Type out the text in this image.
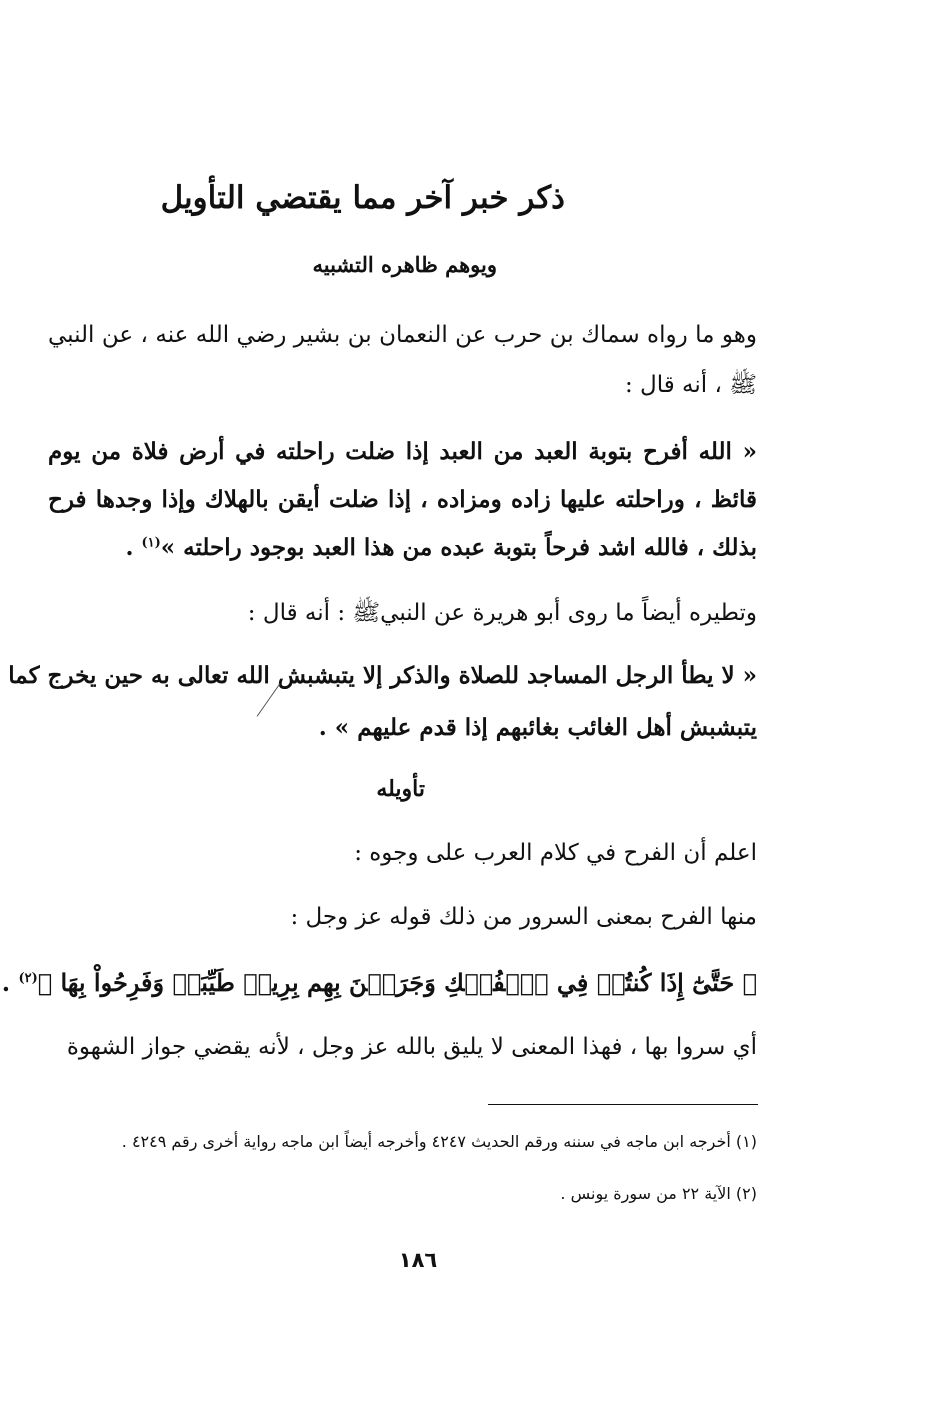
ذكر خبر آخر مما يقتضي التأويل
ويوهم ظاهره التشبيه

وهو ما رواه سماك بن حرب عن النعمان بن بشير رضي الله عنه ، عن النبي

ﷺ ، أنه قال :

« الله أفرح بتوبة العبد من العبد إذا ضلت راحلته في أرض فلاة من يوم

قائظ ، وراحلته عليها زاده ومزاده ، إذا ضلت أيقن بالهلاك وإذا وجدها فرح

بذلك ، فالله اشد فرحاً بتوبة عبده من هذا العبد بوجود راحلته »$^{(١)}$ .

وتطيره أيضاً ما روى أبو هريرة عن النبيﷺ : أنه قال :

« لا يطأ الرجل المساجد للصلاة والذكر إلا يتبشبش الله تعالى به حين يخرج كما

يتبشبش أهل الغائب بغائبهم إذا قدم عليهم » .

تأويله

اعلم أن الفرح في كلام العرب على وجوه :

منها الفرح بمعنى السرور من ذلك قوله عز وجل :

﴿ حَتَّىٰٓ إِذَا كُنتُمۡ فِي ٱلۡفُلۡكِ وَجَرَيۡنَ بِهِم بِرِيحٖ طَيِّبَةٖ وَفَرِحُواْ بِهَا ﴾$^{(٢)}$ .

أي سروا بها ، فهذا المعنى لا يليق بالله عز وجل ، لأنه يقضي جواز الشهوة

(١) أخرجه ابن ماجه في سننه ورقم الحديث ٤٢٤٧ وأخرجه أيضاً ابن ماجه رواية أخرى رقم ٤٢٤٩ .

(٢) الآية ٢٢ من سورة يونس .

١٨٦
